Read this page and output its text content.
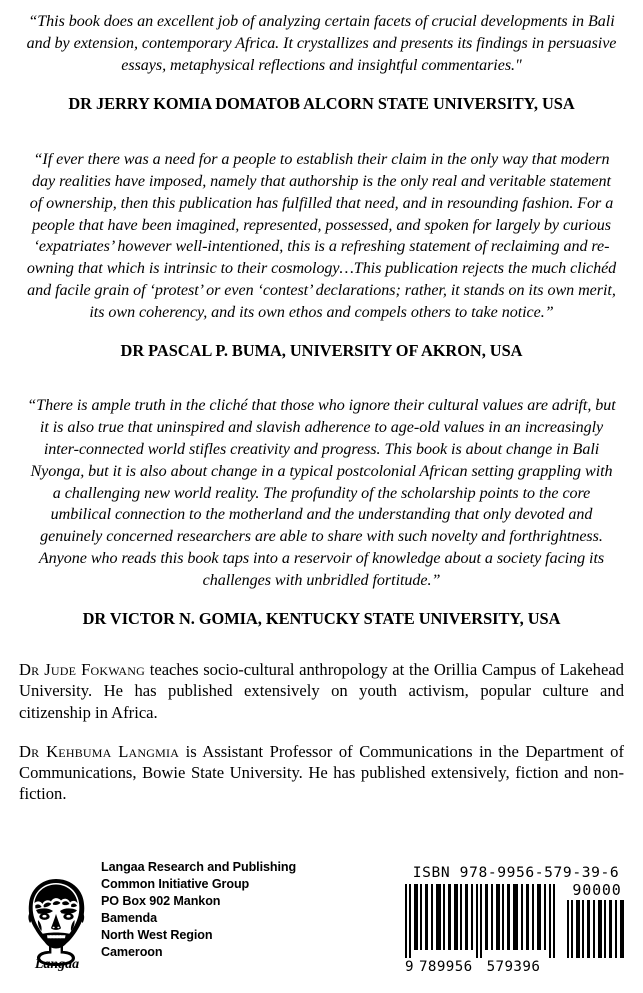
“This book does an excellent job of analyzing certain facets of crucial developments in Bali and by extension, contemporary Africa. It crystallizes and presents its findings in persuasive essays, metaphysical reflections and insightful commentaries."

DR JERRY KOMIA DOMATOB ALCORN STATE UNIVERSITY, USA

“If ever there was a need for a people to establish their claim in the only way that modern day realities have imposed, namely that authorship is the only real and veritable statement of ownership, then this publication has fulfilled that need, and in resounding fashion. For a people that have been imagined, represented, possessed, and spoken for largely by curious ‘expatriates’ however well-intentioned, this is a refreshing statement of reclaiming and re-owning that which is intrinsic to their cosmology…This publication rejects the much clichéd and facile grain of ‘protest’ or even ‘contest’ declarations; rather, it stands on its own merit, its own coherency, and its own ethos and compels others to take notice.”

DR PASCAL P. BUMA, UNIVERSITY OF AKRON, USA

“There is ample truth in the cliché that those who ignore their cultural values are adrift, but it is also true that uninspired and slavish adherence to age-old values in an increasingly inter-connected world stifles creativity and progress. This book is about change in Bali Nyonga, but it is also about change in a typical postcolonial African setting grappling with a challenging new world reality. The profundity of the scholarship points to the core umbilical connection to the motherland and the understanding that only devoted and genuinely concerned researchers are able to share with such novelty and forthrightness. Anyone who reads this book taps into a reservoir of knowledge about a society facing its challenges with unbridled fortitude.”

DR VICTOR N. GOMIA, KENTUCKY STATE UNIVERSITY, USA

Dr Jude Fokwang teaches socio-cultural anthropology at the Orillia Campus of Lakehead University. He has published extensively on youth activism, popular culture and citizenship in Africa.

Dr Kehbuma Langmia is Assistant Professor of Communications in the Department of Communications, Bowie State University. He has published extensively, fiction and non-fiction.

Langaa
Langaa Research and Publishing
Common Initiative Group
PO Box 902 Mankon
Bamenda
North West Region
Cameroon
ISBN 978-9956-579-39-6
90000
9 789956 579396
